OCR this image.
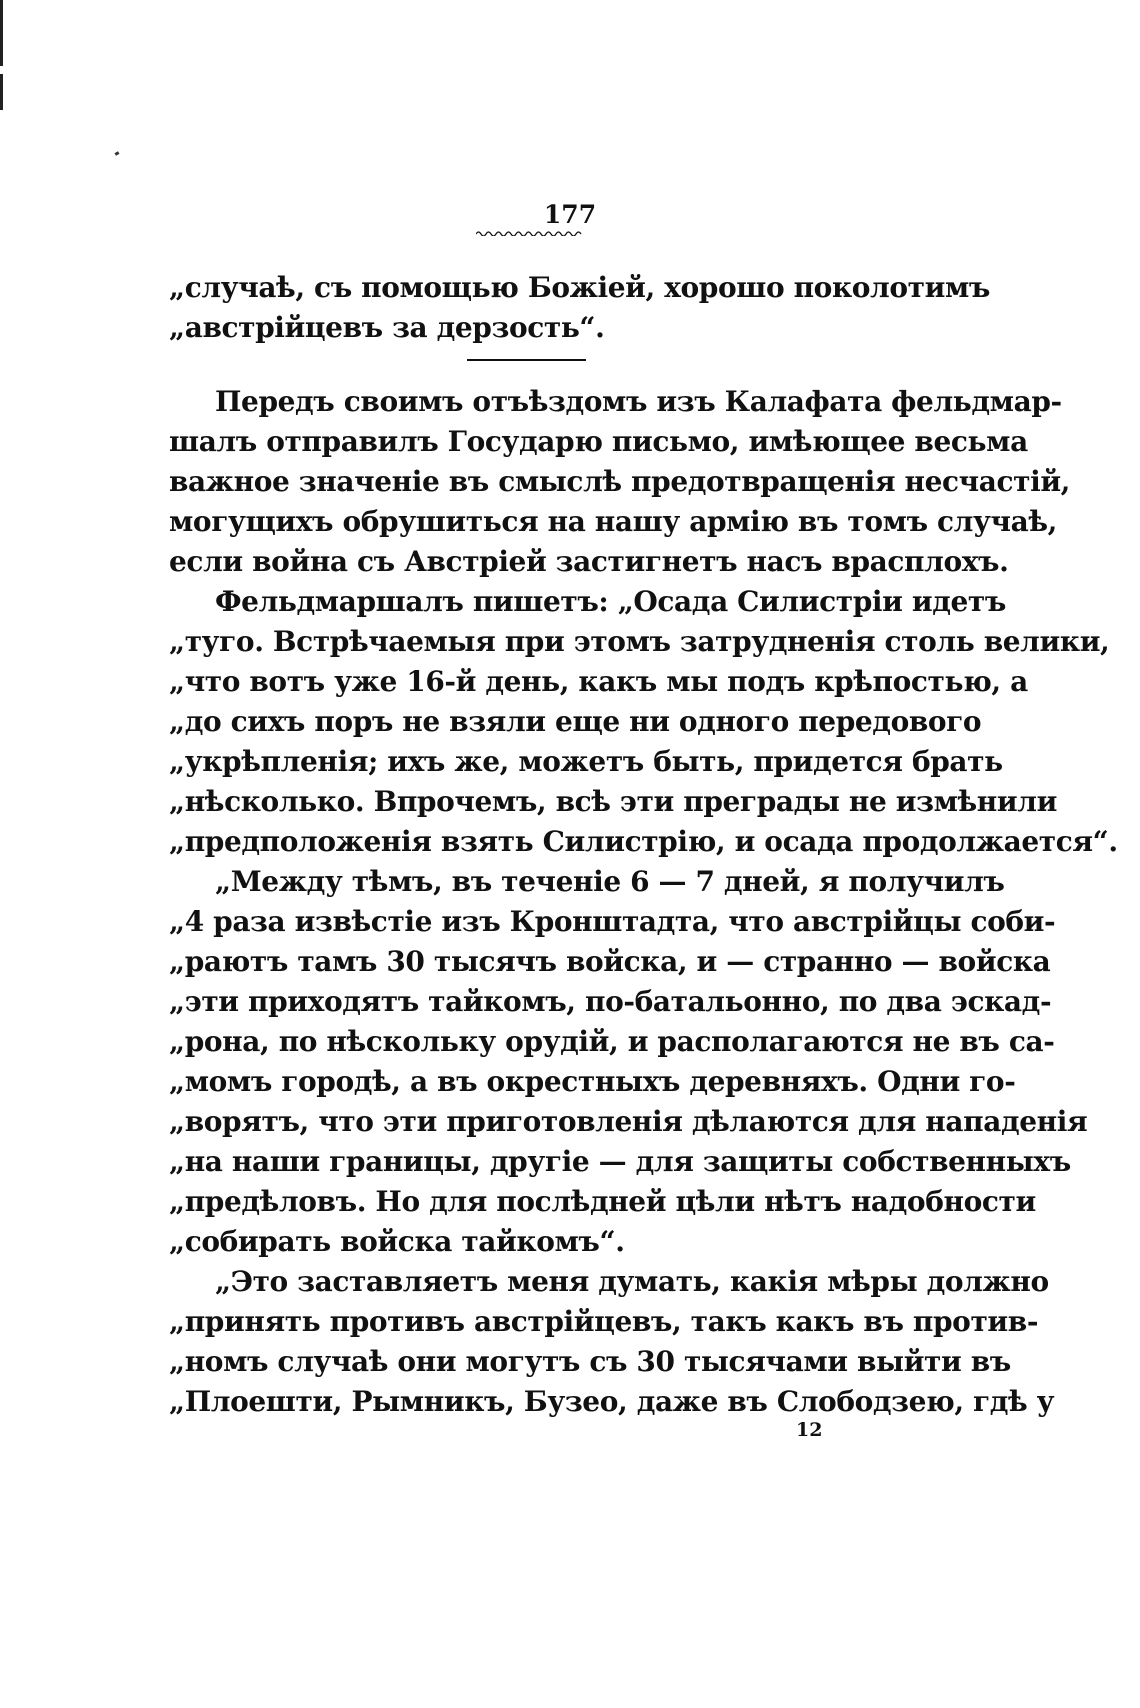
177
„случаѣ, съ помощью Божіей, хорошо поколотимъ
„австрійцевъ за дерзость“.
Передъ своимъ отъѣздомъ изъ Калафата фельдмар-
шалъ отправилъ Государю письмо, имѣющее весьма
важное значеніе въ смыслѣ предотвращенія несчастій,
могущихъ обрушиться на нашу армію въ томъ случаѣ,
если война съ Австріей застигнетъ насъ врасплохъ.
Фельдмаршалъ пишетъ: „Осада Силистріи идетъ
„туго. Встрѣчаемыя при этомъ затрудненія столь велики,
„что вотъ уже 16-й день, какъ мы подъ крѣпостью, а
„до сихъ поръ не взяли еще ни одного передового
„укрѣпленія; ихъ же, можетъ быть, придется брать
„нѣсколько. Впрочемъ, всѣ эти преграды не измѣнили
„предположенія взять Силистрію, и осада продолжается“.
„Между тѣмъ, въ теченіе 6 — 7 дней, я получилъ
„4 раза извѣстіе изъ Кронштадта, что австрійцы соби-
„раютъ тамъ 30 тысячъ войска, и — странно — войска
„эти приходятъ тайкомъ, по-батальонно, по два эскад-
„рона, по нѣскольку орудій, и располагаются не въ са-
„момъ городѣ, а въ окрестныхъ деревняхъ. Одни го-
„ворятъ, что эти приготовленія дѣлаются для нападенія
„на наши границы, другіе — для защиты собственныхъ
„предѣловъ. Но для послѣдней цѣли нѣтъ надобности
„собирать войска тайкомъ“.
„Это заставляетъ меня думать, какія мѣры должно
„принять противъ австрійцевъ, такъ какъ въ против-
„номъ случаѣ они могутъ съ 30 тысячами выйти въ
„Плоешти, Рымникъ, Бузео, даже въ Слободзею, гдѣ у
12
